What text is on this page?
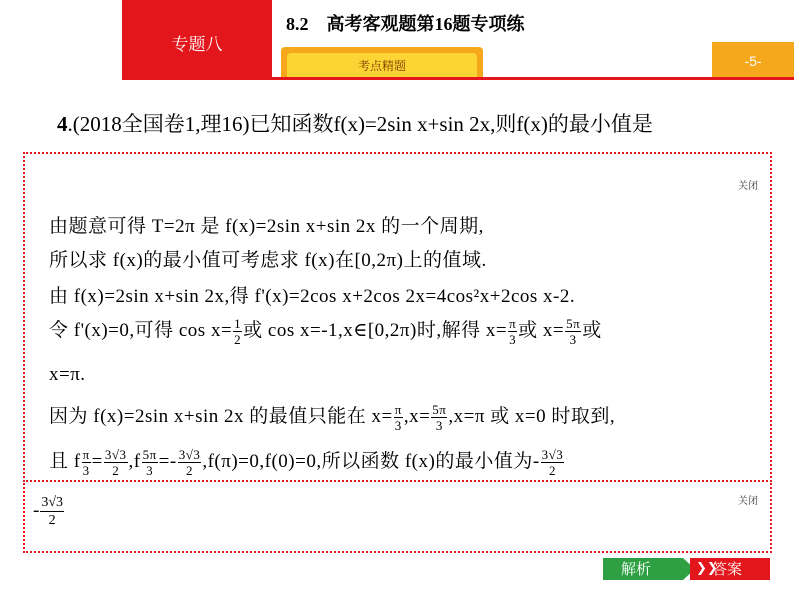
专题八
8.2 高考客观题第16题专项练
考点精题	-5-
4.(2018全国卷1,理16)已知函数f(x)=2sin x+sin 2x,则f(x)的最小值是
关闭
由题意可得 T=2π 是 f(x)=2sin x+sin 2x 的一个周期,
所以求 f(x)的最小值可考虑求 f(x)在[0,2π)上的值域.
由 f(x)=2sin x+sin 2x,得 f'(x)=2cos x+2cos 2x=4cos²x+2cos x-2.
令 f'(x)=0,可得 $\cos x= \frac{1}{2}$ 或 cos x=-1,x∈[0,2π)时,解得 $x= \frac{\pi}{3}$ 或 $x= \frac{5\pi}{3}$ 或
x=π.
因为 f(x)=2sin x+sin 2x 的最值只能在 $x= \frac{\pi}{3} ,x= \frac{5\pi}{3} ,x=\pi$ 或 x=0 时取到,
且 f $\frac{\pi}{3} = \frac{3√3}{2} ,f \frac{5\pi}{3} =- \frac{3√3}{2} ,f(\pi)=0,f(0)=0$,所以函数 f(x)的最小值为- $\frac{3√3}{2}$
关闭
- $\frac{3√3}{2}$
解析	❯❯
答案
